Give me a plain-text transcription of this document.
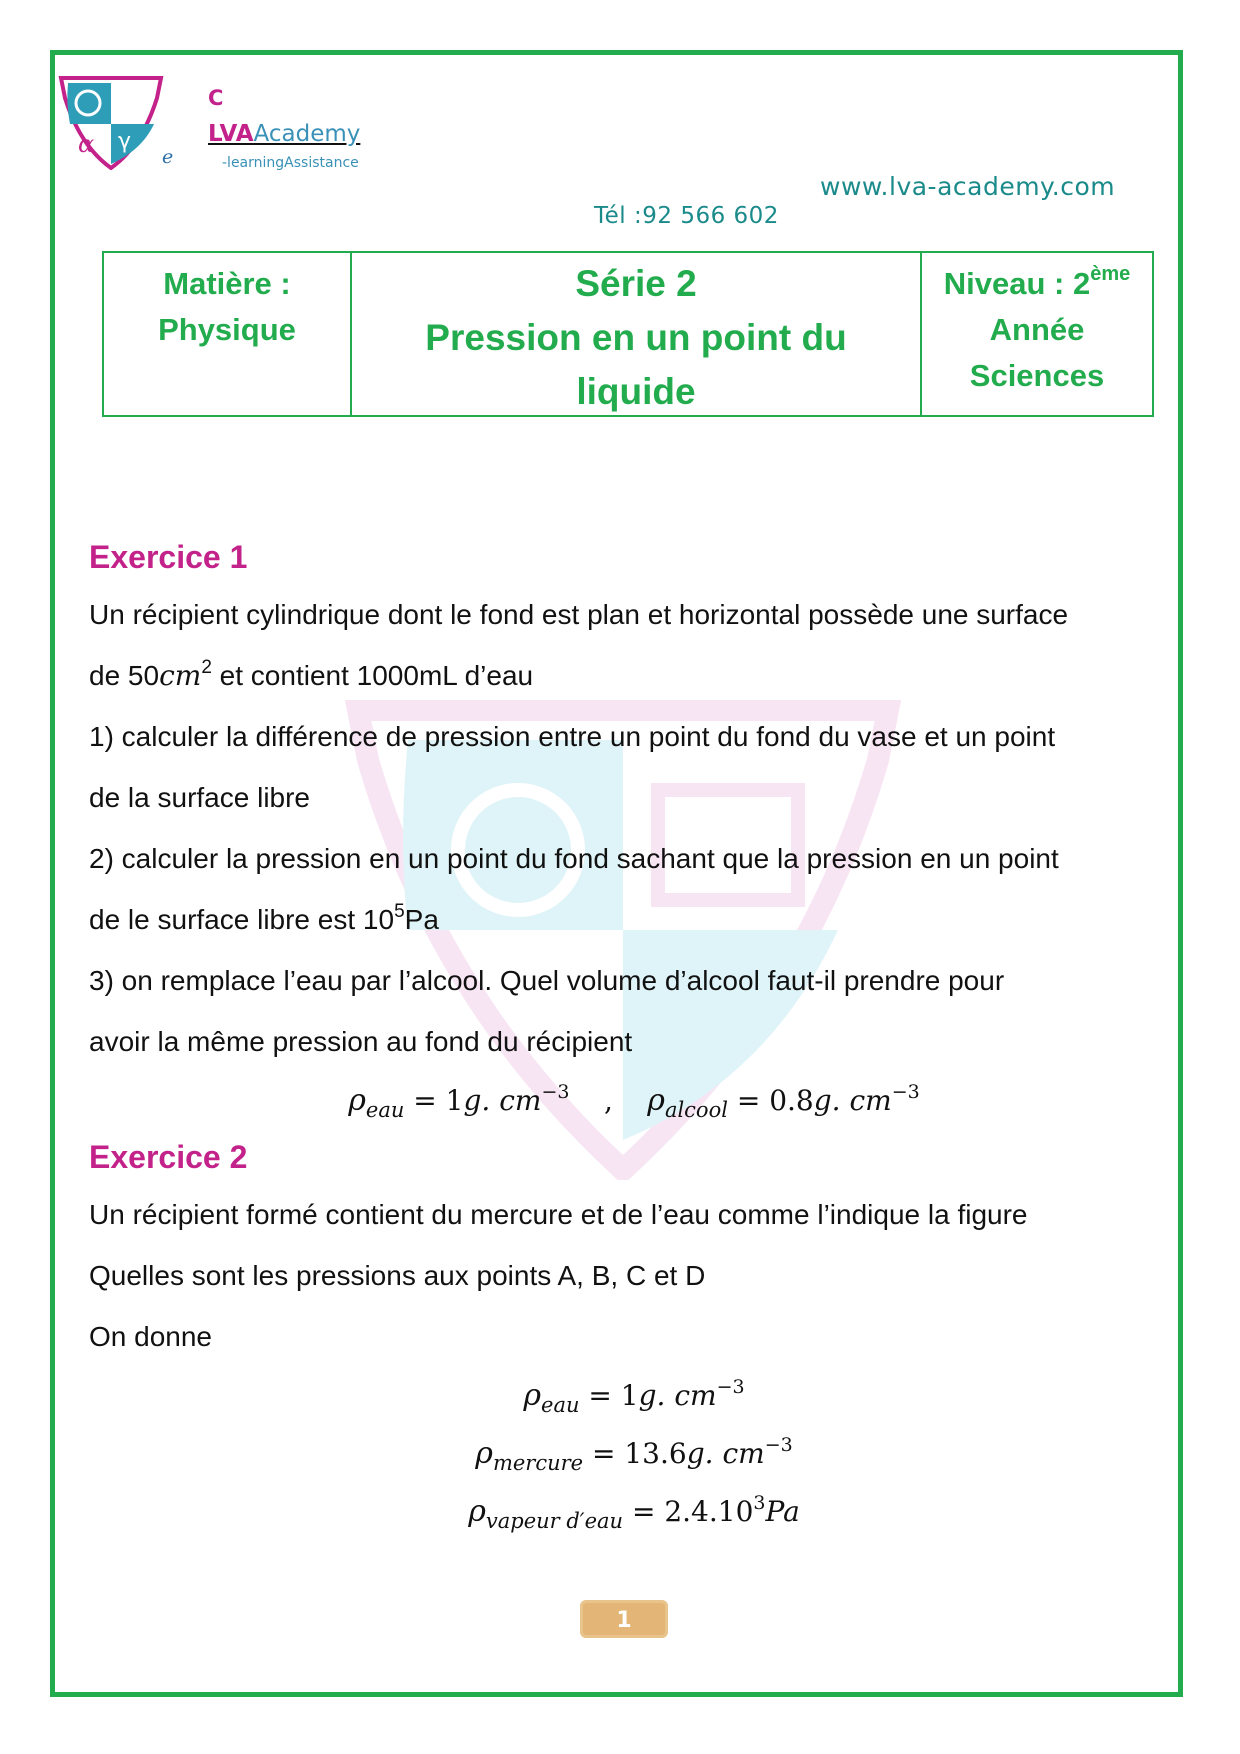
α γ
C
LVAAcademy
e	-learningAssistance
www.lva-academy.com
Tél :92 566 602
Matière :
Physique
Série 2
Pression en un point du
liquide
Niveau : 2ème
Année
Sciences
Exercice 1

Un récipient cylindrique dont le fond est plan et horizontal possède une surface

de $50cm^2$ et contient 1000mL d’eau

1) calculer la différence de pression entre un point du fond du vase et un point

de la surface libre

2) calculer la pression en un point du fond sachant que la pression en un point

de le surface libre est $10^5Pa$

3) on remplace l’eau par l’alcool. Quel volume d’alcool faut-il prendre pour

avoir la même pression au fond du récipient

$\rho_{eau} = 1g$. $cm^{-3}$ , $\rho_{alcool} = 0.8g$. $cm^{-3}$
Exercice 2

Un récipient formé contient du mercure et de l’eau comme l’indique la figure

Quelles sont les pressions aux points A, B, C et D

On donne

$\rho_{eau} = 1g$. $cm^{-3}$
$\rho_{mercure} = 13.6g$. $cm^{-3}$
$\rho_{vapeur d'eau} = 2.4.10^3Pa$
1
